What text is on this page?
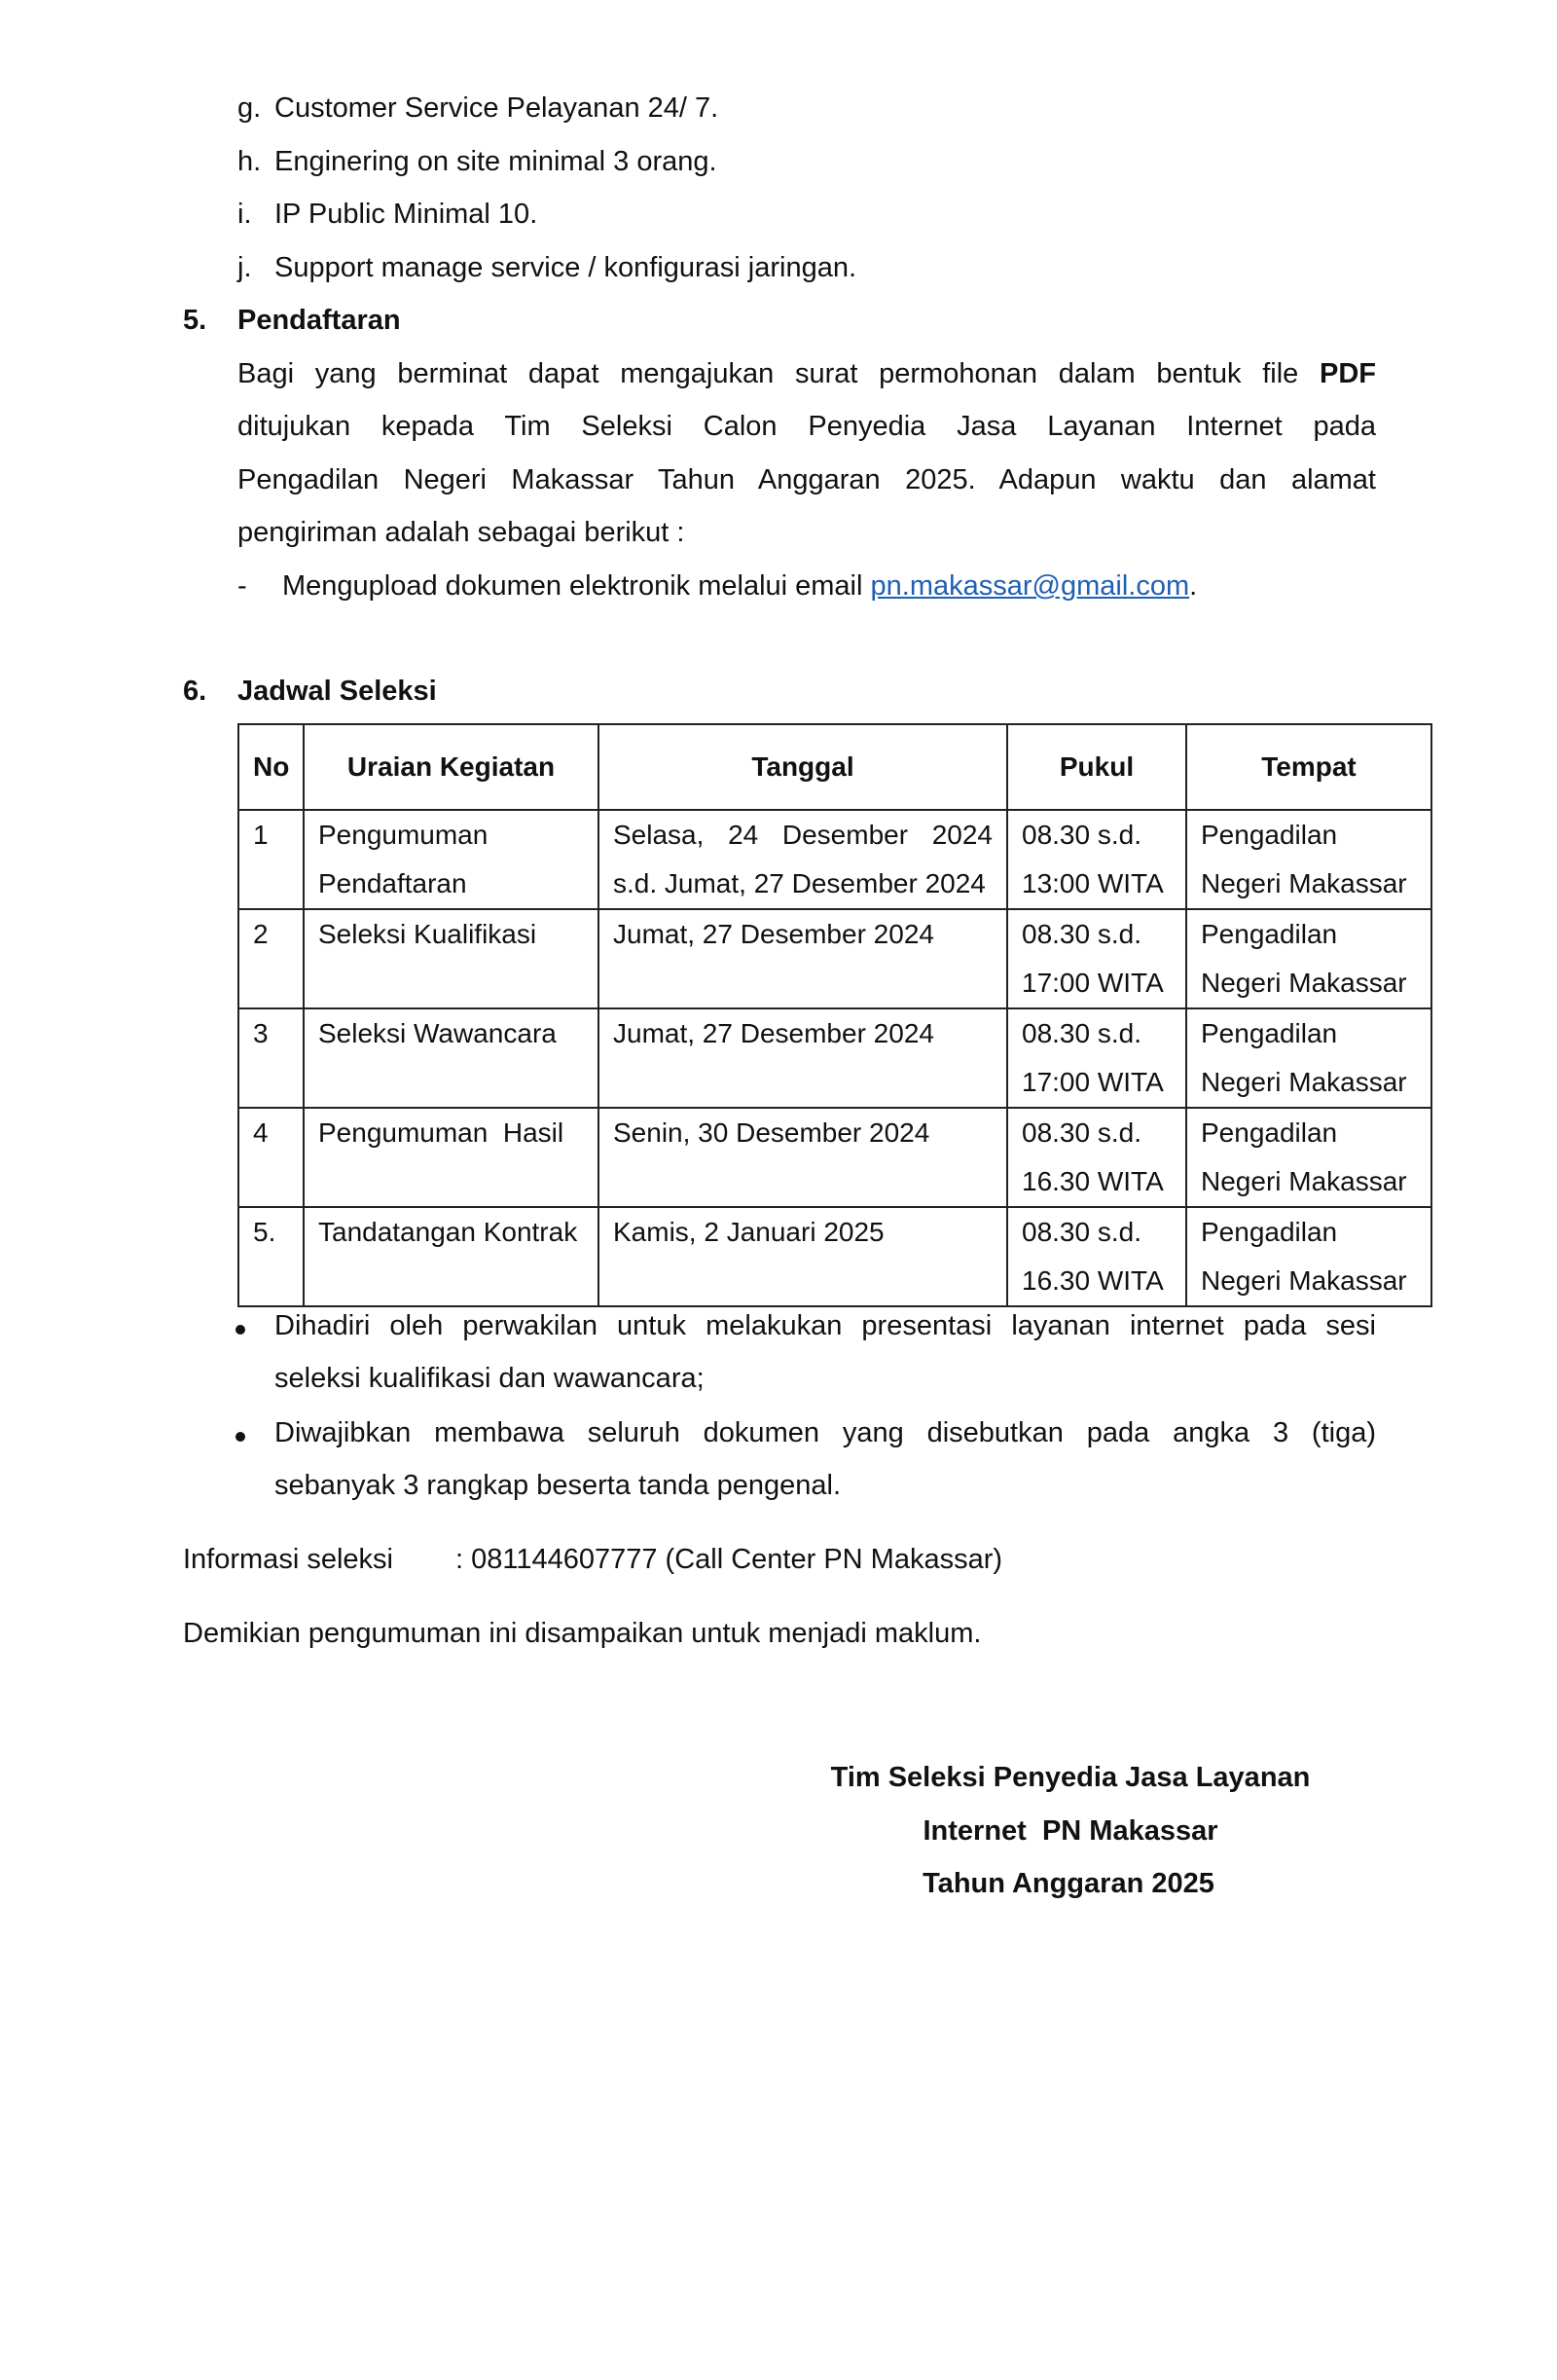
g. Customer Service Pelayanan 24/ 7.
h. Enginering on site minimal 3 orang.
i. IP Public Minimal 10.
j. Support manage service / konfigurasi jaringan.
5. Pendaftaran
Bagi yang berminat dapat mengajukan surat permohonan dalam bentuk file PDF
ditujukan kepada Tim Seleksi Calon Penyedia Jasa Layanan Internet pada
Pengadilan Negeri Makassar Tahun Anggaran 2025. Adapun waktu dan alamat
pengiriman adalah sebagai berikut :
- Mengupload dokumen elektronik melalui email pn.makassar@gmail.com.
6. Jadwal Seleksi
No	Uraian Kegiatan	Tanggal	Pukul	Tempat
1	Pengumuman
Pendaftaran	Selasa, 24 Desember 2024
s.d. Jumat, 27 Desember 2024	08.30 s.d.
13:00 WITA	Pengadilan
Negeri Makassar
2	Seleksi Kualifikasi	Jumat, 27 Desember 2024	08.30 s.d.
17:00 WITA	Pengadilan
Negeri Makassar
3	Seleksi Wawancara	Jumat, 27 Desember 2024	08.30 s.d.
17:00 WITA	Pengadilan
Negeri Makassar
4	Pengumuman  Hasil	Senin, 30 Desember 2024	08.30 s.d.
16.30 WITA	Pengadilan
Negeri Makassar
5.	Tandatangan Kontrak	Kamis, 2 Januari 2025	08.30 s.d.
16.30 WITA	Pengadilan
Negeri Makassar
Dihadiri oleh perwakilan untuk melakukan presentasi layanan internet pada sesi
seleksi kualifikasi dan wawancara;
Diwajibkan membawa seluruh dokumen yang disebutkan pada angka 3 (tiga)
sebanyak 3 rangkap beserta tanda pengenal.
Informasi seleksi : 081144607777 (Call Center PN Makassar)
Demikian pengumuman ini disampaikan untuk menjadi maklum.
Tim Seleksi Penyedia Jasa Layanan
Internet  PN Makassar
Tahun Anggaran 2025
